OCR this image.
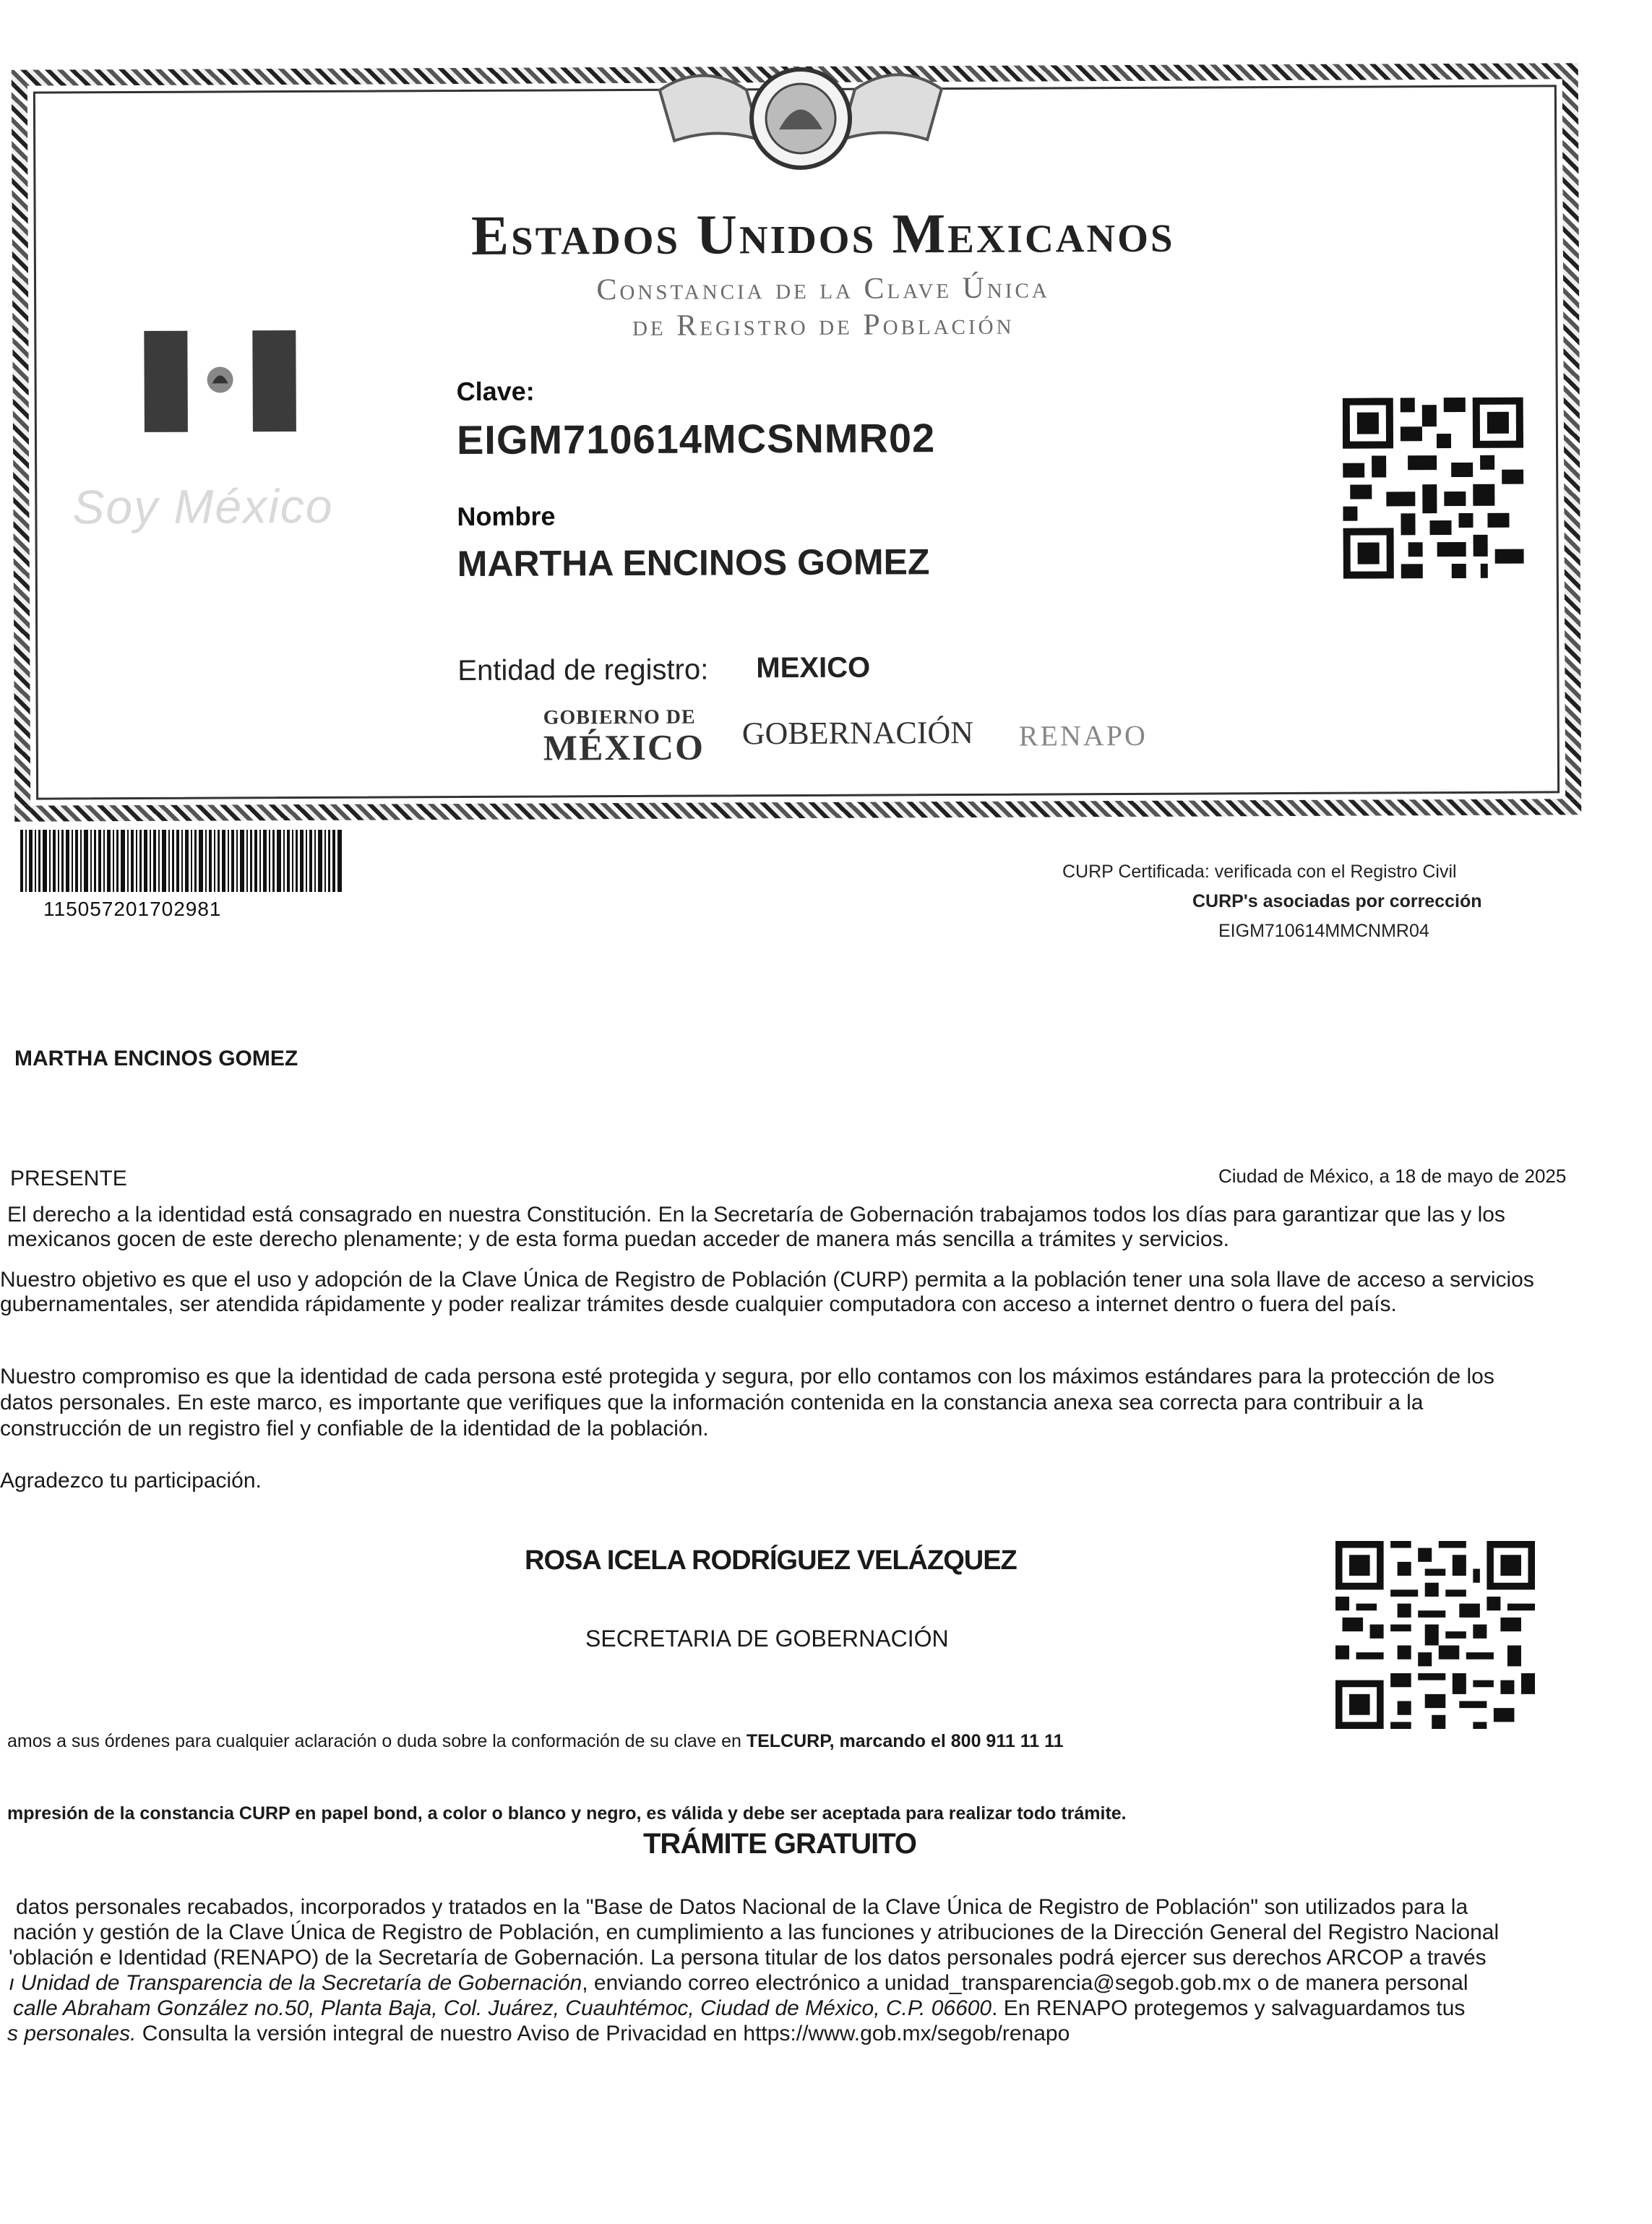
Estados Unidos Mexicanos
Constancia de la Clave Única
de Registro de Población
Soy México
Clave:
EIGM710614MCSNMR02
Nombre
MARTHA ENCINOS GOMEZ
Entidad de registro: MEXICO
GOBIERNO DE
MÉXICO GOBERNACIÓN RENAPO
115057201702981
CURP Certificada: verificada con el Registro Civil
CURP's asociadas por corrección
EIGM710614MMCNMR04
MARTHA ENCINOS GOMEZ
PRESENTE	Ciudad de México, a 18 de mayo de 2025
El derecho a la identidad está consagrado en nuestra Constitución. En la Secretaría de Gobernación trabajamos todos los días para garantizar que las y los
mexicanos gocen de este derecho plenamente; y de esta forma puedan acceder de manera más sencilla a trámites y servicios.
Nuestro objetivo es que el uso y adopción de la Clave Única de Registro de Población (CURP) permita a la población tener una sola llave de acceso a servicios
gubernamentales, ser atendida rápidamente y poder realizar trámites desde cualquier computadora con acceso a internet dentro o fuera del país.
Nuestro compromiso es que la identidad de cada persona esté protegida y segura, por ello contamos con los máximos estándares para la protección de los
datos personales. En este marco, es importante que verifiques que la información contenida en la constancia anexa sea correcta para contribuir a la
construcción de un registro fiel y confiable de la identidad de la población.
Agradezco tu participación.
ROSA ICELA RODRÍGUEZ VELÁZQUEZ
SECRETARIA DE GOBERNACIÓN
amos a sus órdenes para cualquier aclaración o duda sobre la conformación de su clave en TELCURP, marcando el 800 911 11 11
mpresión de la constancia CURP en papel bond, a color o blanco y negro, es válida y debe ser aceptada para realizar todo trámite.
TRÁMITE GRATUITO
datos personales recabados, incorporados y tratados en la "Base de Datos Nacional de la Clave Única de Registro de Población" son utilizados para la
nación y gestión de la Clave Única de Registro de Población, en cumplimiento a las funciones y atribuciones de la Dirección General del Registro Nacional
'oblación e Identidad (RENAPO) de la Secretaría de Gobernación. La persona titular de los datos personales podrá ejercer sus derechos ARCOP a través
ı Unidad de Transparencia de la Secretaría de Gobernación, enviando correo electrónico a unidad_transparencia@segob.gob.mx o de manera personal
calle Abraham González no.50, Planta Baja, Col. Juárez, Cuauhtémoc, Ciudad de México, C.P. 06600. En RENAPO protegemos y salvaguardamos tus
s personales. Consulta la versión integral de nuestro Aviso de Privacidad en https://www.gob.mx/segob/renapo
